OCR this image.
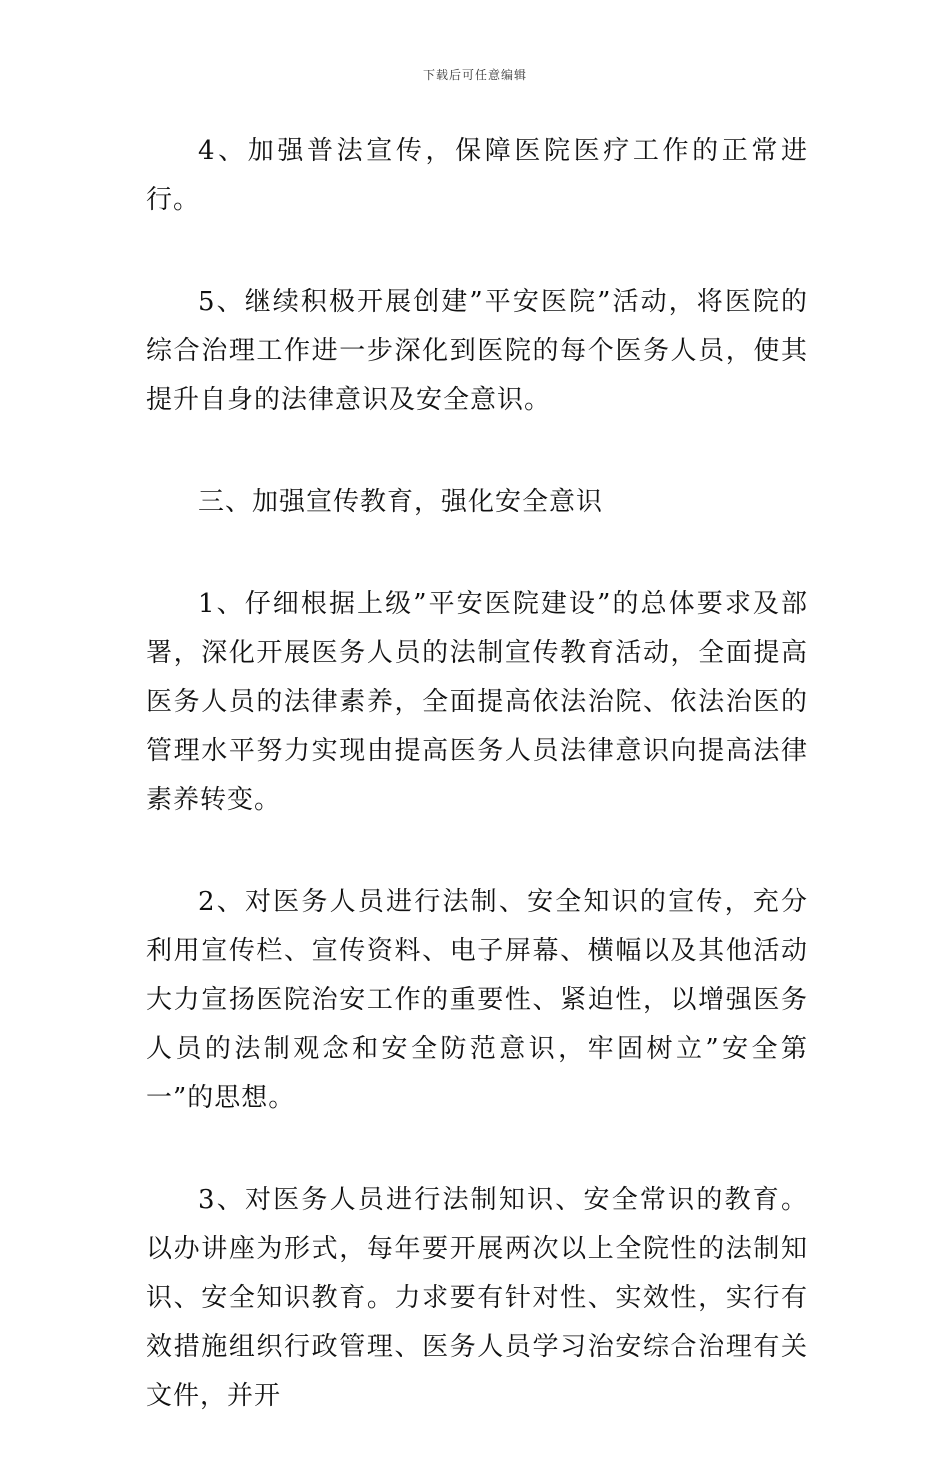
下载后可任意编辑

4、加强普法宣传，保障医院医疗工作的正常进行。

5、继续积极开展创建”平安医院”活动，将医院的综合治理工作进一步深化到医院的每个医务人员，使其提升自身的法律意识及安全意识。

三、加强宣传教育，强化安全意识

1、仔细根据上级”平安医院建设”的总体要求及部署，深化开展医务人员的法制宣传教育活动，全面提高医务人员的法律素养，全面提高依法治院、依法治医的管理水平努力实现由提高医务人员法律意识向提高法律素养转变。

2、对医务人员进行法制、安全知识的宣传，充分利用宣传栏、宣传资料、电子屏幕、横幅以及其他活动大力宣扬医院治安工作的重要性、紧迫性，以增强医务人员的法制观念和安全防范意识，牢固树立”安全第一”的思想。

3、对医务人员进行法制知识、安全常识的教育。以办讲座为形式，每年要开展两次以上全院性的法制知识、安全知识教育。力求要有针对性、实效性，实行有效措施组织行政管理、医务人员学习治安综合治理有关文件，并开
